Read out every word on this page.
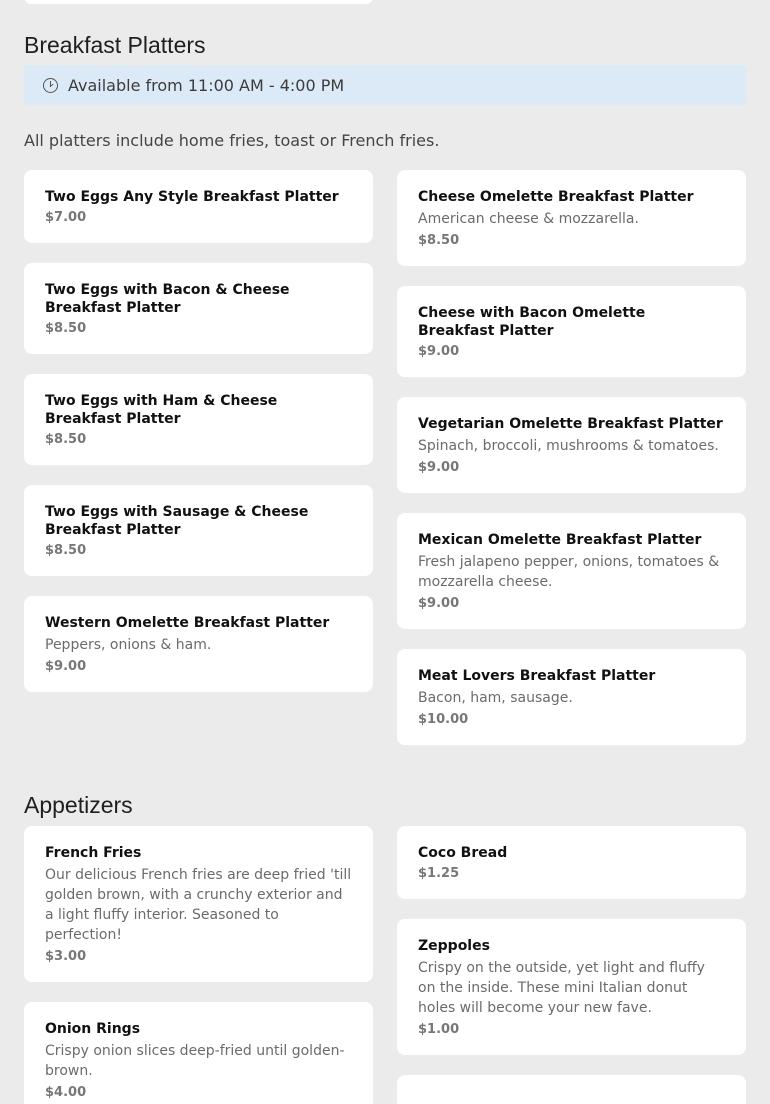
Breakfast Platters
Available from 11:00 AM - 4:00 PM

All platters include home fries, toast or French fries.

Two Eggs Any Style Breakfast Platter
$7.00
Two Eggs with Bacon & Cheese Breakfast Platter
$8.50
Two Eggs with Ham & Cheese Breakfast Platter
$8.50
Two Eggs with Sausage & Cheese Breakfast Platter
$8.50
Western Omelette Breakfast Platter
Peppers, onions & ham.
$9.00
Cheese Omelette Breakfast Platter
American cheese & mozzarella.
$8.50
Cheese with Bacon Omelette Breakfast Platter
$9.00
Vegetarian Omelette Breakfast Platter
Spinach, broccoli, mushrooms & tomatoes.
$9.00
Mexican Omelette Breakfast Platter
Fresh jalapeno pepper, onions, tomatoes & mozzarella cheese.
$9.00
Meat Lovers Breakfast Platter
Bacon, ham, sausage.
$10.00
Appetizers
French Fries
Our delicious French fries are deep fried 'till golden brown, with a crunchy exterior and a light fluffy interior. Seasoned to perfection!
$3.00
Onion Rings
Crispy onion slices deep-fried until golden-brown.
$4.00
Coco Bread
$1.25
Zeppoles
Crispy on the outside, yet light and fluffy on the inside. These mini Italian donut holes will become your new fave.
$1.00
